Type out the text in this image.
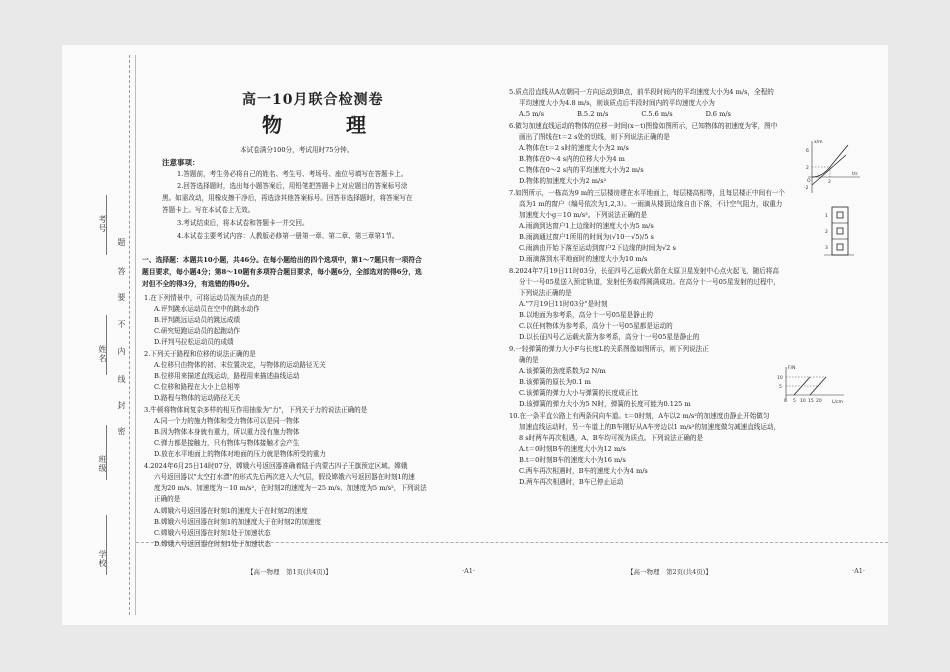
考号
姓名
班级
学校
题
答
要
不
内
线
封
密
高一10月联合检测卷
物　理
本试卷满分100分，考试用时75分钟。
注意事项：
1.答题前，考生务必将自己的姓名、考生号、考场号、座位号填写在答题卡上。
2.回答选择题时，选出每小题答案后，用铅笔把答题卡上对应题目的答案标号涂
黑。如需改动，用橡皮擦干净后，再选涂其他答案标号。回答非选择题时，将答案写在
答题卡上。写在本试卷上无效。
3.考试结束后，将本试卷和答题卡一并交回。
4.本试卷主要考试内容：人教版必修第一册第一章、第二章、第三章第1节。
一、选择题：本题共10小题，共46分。在每小题给出的四个选项中，第1～7题只有一项符合
题目要求，每小题4分；第8～10题有多项符合题目要求，每小题6分，全部选对的得6分，选
对但不全的得3分，有选错的得0分。
1.在下列情景中，可将运动员视为质点的是
A.评判跳水运动员在空中的跳水动作
B.评判跳远运动员的跳远成绩
C.研究短跑运动员的起跑动作
D.评判马拉松运动员的成绩
2.下列关于路程和位移的说法正确的是
A.位移只由物体的初、末位置决定，与物体的运动路径无关
B.位移用来描述直线运动，路程用来描述曲线运动
C.位移和路程在大小上总相等
D.路程与物体的运动路径无关
3.牛顿将物体间复杂多样的相互作用抽象为"力"，下列关于力的说法正确的是
A.同一个力的施力物体和受力物体可以是同一物体
B.因为物体本身就有重力，所以重力没有施力物体
C.弹力都是接触力，只有物体与物体接触才会产生
D.放在水平地面上的物体对地面的压力就是物体所受的重力
4.2024年6月25日14时07分，嫦娥六号返回器准确着陆于内蒙古四子王旗预定区域。嫦娥
六号返回器以"太空打水漂"的形式先后两次进入大气层，假设嫦娥六号返回器在时刻1的速
度为20 m/s、加速度为－10 m/s²，在时刻2的速度为－25 m/s、加速度为5 m/s²，下列说法
正确的是
A.嫦娥六号返回器在时刻1的速度大于在时刻2的速度
B.嫦娥六号返回器在时刻1的加速度大于在时刻2的加速度
C.嫦娥六号返回器在时刻1处于加速状态
D.嫦娥六号返回器在时刻1处于加速状态
【高一物理　第1页(共4页)】	·A1·
5.质点沿直线从A点朝同一方向运动到B点，前半段时间内的平均速度大小为4 m/s，全程的
平均速度大小为4.8 m/s，则该质点后半段时间内的平均速度大小为
A.5 m/s　　　　　B.5.2 m/s　　　　　C.5.6 m/s　　　　　D.6 m/s
6.做匀加速直线运动的物体的位移－时间(x－t)图像如图所示，已知物体的初速度为零，图中
画出了图线在t＝2 s处的切线，则下列说法正确的是
A.物体在t＝2 s时的速度大小为2 m/s
B.物体在0～4 s内的位移大小为4 m
C.物体在0～2 s内的平均速度大小为2 m/s
D.物体的加速度大小为2 m/s²
7.如图所示，一栋高为9 m的三层楼房建在水平地面上，每层楼高相等，且每层楼正中间有一个
高为1 m的窗户（编号依次为1,2,3）。一雨滴从楼顶边缘自由下落，不计空气阻力，取重力
加速度大小g＝10 m/s²。下列说法正确的是
A.雨滴到达窗户1上边缘时的速度大小为5 m/s
B.雨滴通过窗户1所用的时间为(√10－√5)/5 s
C.雨滴由开始下落至运动到窗户2下边缘的时间为√2 s
D.雨滴落到水平地面时的速度大小为10 m/s
8.2024年7月19日11时03分，长征四号乙运载火箭在太原卫星发射中心点火起飞，随后将高
分十一号05星送入预定轨道，发射任务取得圆满成功。在高分十一号05星发射的过程中，
下列说法正确的是
A."7月19日11时03分"是时刻
B.以地面为参考系，高分十一号05星是静止的
C.以任何物体为参考系，高分十一号05星都是运动的
D.以长征四号乙运载火箭为参考系，高分十一号05星是静止的
9.一轻弹簧的弹力大小F与长度L的关系图像如图所示，则下列说法正
确的是
A.该弹簧的劲度系数为2 N/m
B.该弹簧的原长为0.1 m
C.该弹簧的弹力大小与弹簧的长度成正比
D.该弹簧的弹力大小为5 N时，弹簧的长度可能为0.125 m
10.在一条平直公路上有两条同向车道。t＝0时刻，A车以2 m/s²的加速度由静止开始做匀
加速直线运动时，另一车道上的B车刚好从A车旁边以1 m/s²的加速度做匀减速直线运动，
8 s时两车再次相遇，A、B车均可视为质点。下列说法正确的是
A.t＝0时刻B车的速度大小为12 m/s
B.t＝0时刻B车的速度大小为16 m/s
C.两车再次相遇时，B车的速度大小为4 m/s
D.两车再次相遇时，B车已停止运动
【高一物理　第2页(共4页)】	·A1·
x/m
t/s
6
2
O
-2
2
1
2
3
F/N
L/cm
10
5
0 5 10 15 20
